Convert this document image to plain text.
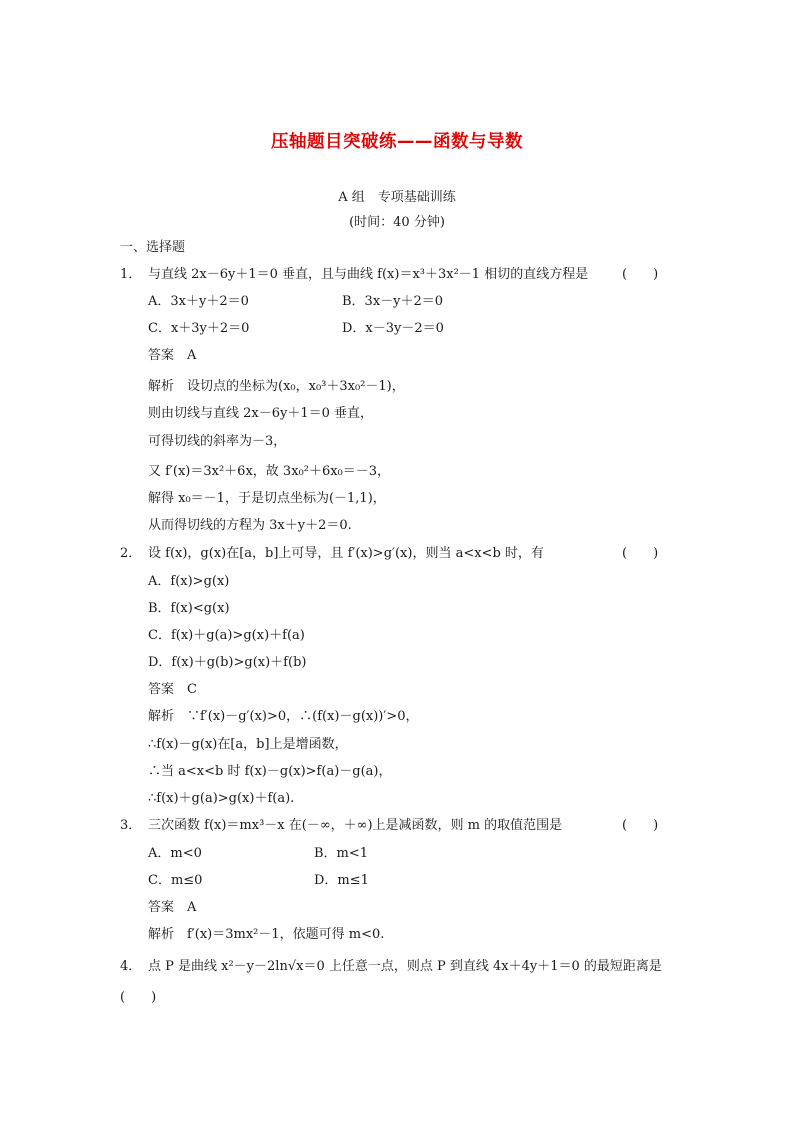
压轴题目突破练——函数与导数
A 组　专项基础训练
(时间：40 分钟)
一、选择题
1． 与直线 2x－6y＋1＝0 垂直，且与曲线 f(x)＝x³＋3x²－1 相切的直线方程是	(　　)
A．3x＋y＋2＝0	B．3x－y＋2＝0
C．x＋3y＋2＝0	D．x－3y－2＝0
答案　A
解析　设切点的坐标为(x₀，x₀³＋3x₀²－1)，
则由切线与直线 2x－6y＋1＝0 垂直，
可得切线的斜率为－3，
又 f′(x)＝3x²＋6x，故 3x₀²＋6x₀＝－3，
解得 x₀＝－1，于是切点坐标为(－1,1)，
从而得切线的方程为 3x＋y＋2＝0.
2． 设 f(x)，g(x)在[a，b]上可导，且 f′(x)>g′(x)，则当 a<x<b 时，有	(　　)
A．f(x)>g(x)
B．f(x)<g(x)
C．f(x)＋g(a)>g(x)＋f(a)
D．f(x)＋g(b)>g(x)＋f(b)
答案　C
解析　∵f′(x)－g′(x)>0，∴(f(x)－g(x))′>0，
∴f(x)－g(x)在[a，b]上是增函数，
∴当 a<x<b 时 f(x)－g(x)>f(a)－g(a)，
∴f(x)＋g(a)>g(x)＋f(a).
3． 三次函数 f(x)＝mx³－x 在(－∞，＋∞)上是减函数，则 m 的取值范围是	(　　)
A．m<0	B．m<1
C．m≤0	D．m≤1
答案　A
解析　f′(x)＝3mx²－1，依题可得 m<0.
4． 点 P 是曲线 x²－y－2ln√x＝0 上任意一点，则点 P 到直线 4x＋4y＋1＝0 的最短距离是
(　　)
